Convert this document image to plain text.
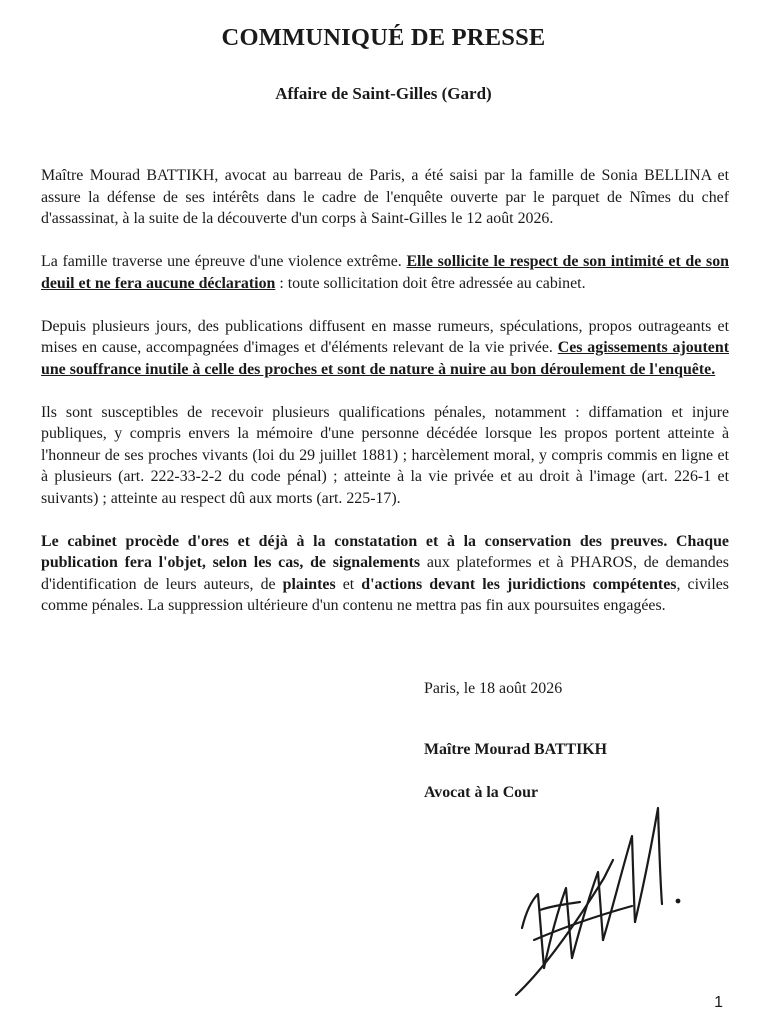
COMMUNIQUÉ DE PRESSE
Affaire de Saint-Gilles (Gard)

Maître Mourad BATTIKH, avocat au barreau de Paris, a été saisi par la famille de Sonia BELLINA et assure la défense de ses intérêts dans le cadre de l'enquête ouverte par le parquet de Nîmes du chef d'assassinat, à la suite de la découverte d'un corps à Saint-Gilles le 12 août 2026.

La famille traverse une épreuve d'une violence extrême. Elle sollicite le respect de son intimité et de son deuil et ne fera aucune déclaration : toute sollicitation doit être adressée au cabinet.

Depuis plusieurs jours, des publications diffusent en masse rumeurs, spéculations, propos outrageants et mises en cause, accompagnées d'images et d'éléments relevant de la vie privée. Ces agissements ajoutent une souffrance inutile à celle des proches et sont de nature à nuire au bon déroulement de l'enquête.

Ils sont susceptibles de recevoir plusieurs qualifications pénales, notamment : diffamation et injure publiques, y compris envers la mémoire d'une personne décédée lorsque les propos portent atteinte à l'honneur de ses proches vivants (loi du 29 juillet 1881) ; harcèlement moral, y compris commis en ligne et à plusieurs (art. 222-33-2-2 du code pénal) ; atteinte à la vie privée et au droit à l'image (art. 226-1 et suivants) ; atteinte au respect dû aux morts (art. 225-17).

Le cabinet procède d'ores et déjà à la constatation et à la conservation des preuves. Chaque publication fera l'objet, selon les cas, de signalements aux plateformes et à PHAROS, de demandes d'identification de leurs auteurs, de plaintes et d'actions devant les juridictions compétentes, civiles comme pénales. La suppression ultérieure d'un contenu ne mettra pas fin aux poursuites engagées.

Paris, le 18 août 2026

Maître Mourad BATTIKH

Avocat à la Cour

1
